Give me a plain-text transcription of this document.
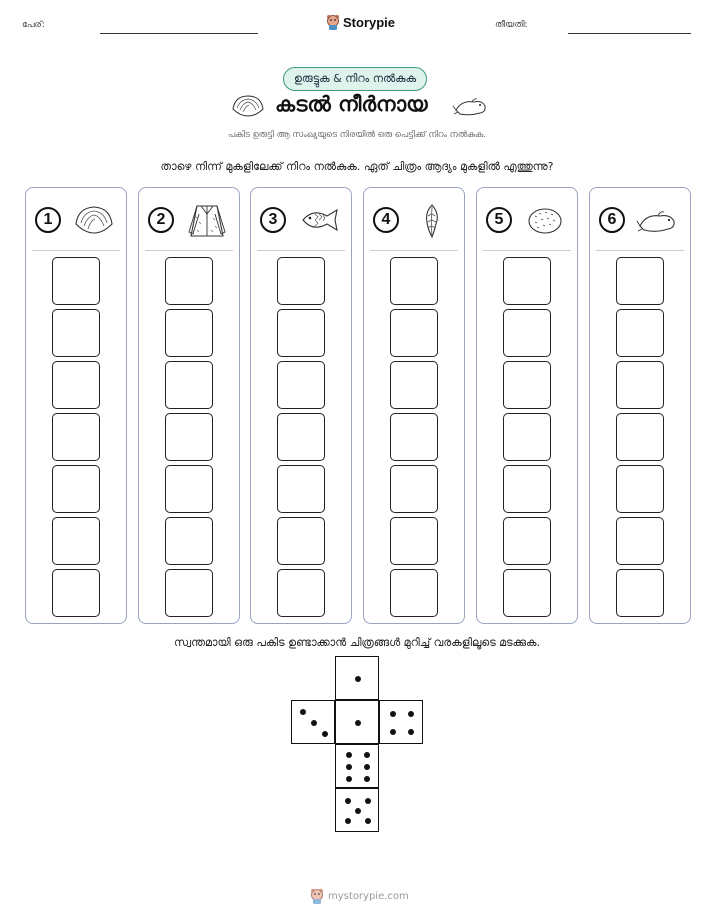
പേര്:	Storypie	തീയതി:
ഉരുട്ടുക & നിറം നൽകുക
കടൽ നീർനായ
പകിട ഉരുട്ടി ആ സംഖ്യയുടെ നിരയിൽ ഒരു പെട്ടിക്ക് നിറം നൽകുക.
താഴെ നിന്ന് മുകളിലേക്ക് നിറം നൽകുക. ഏത് ചിത്രം ആദ്യം മുകളിൽ എത്തുന്നു?
1	2	3	4	5	6
സ്വന്തമായി ഒരു പകിട ഉണ്ടാക്കാൻ ചിത്രങ്ങൾ മുറിച്ച് വരകളിലൂടെ മടക്കുക.
mystorypie.com
